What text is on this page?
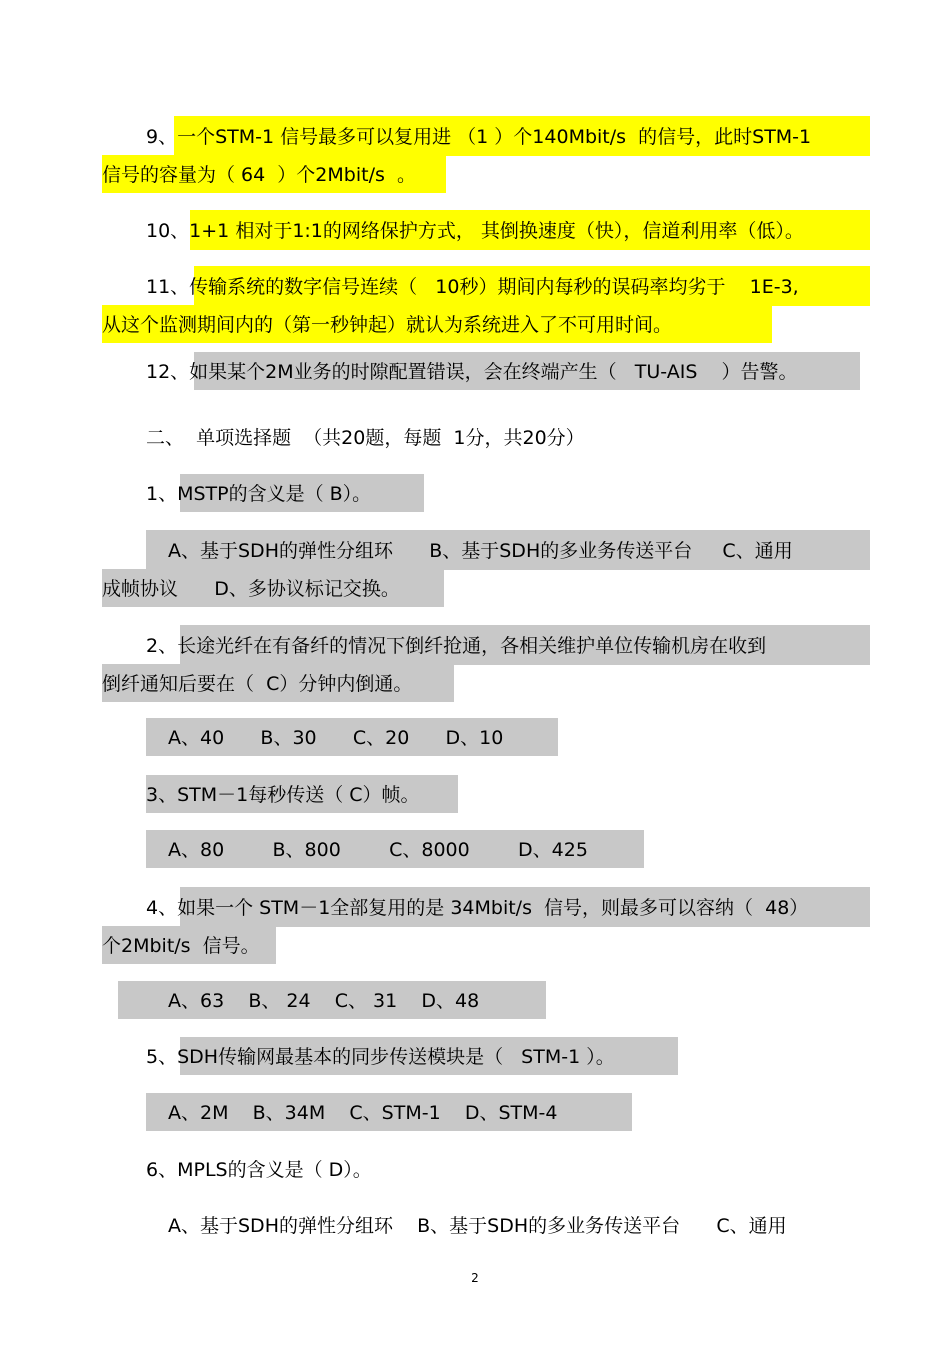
9、一个STM-1 信号最多可以复用进 （1 ）个140Mbit/s  的信号，此时STM-1
信号的容量为（ 64  ）个2Mbit/s  。
10、1+1 相对于1:1的网络保护方式， 其倒换速度（快），信道利用率（低）。
11、传输系统的数字信号连续（   10秒）期间内每秒的误码率均劣于    1E-3,
从这个监测期间内的（第一秒钟起）就认为系统进入了不可用时间。
12、如果某个2M业务的时隙配置错误，会在终端产生（   TU-AIS    ）告警。
二、  单项选择题  （共20题，每题  1分，共20分）
1、MSTP的含义是（ B）。
A、基于SDH的弹性分组环      B、基于SDH的多业务传送平台     C、通用
成帧协议      D、多协议标记交换。
2、长途光纤在有备纤的情况下倒纤抢通，各相关维护单位传输机房在收到
倒纤通知后要在（  C）分钟内倒通。
A、40      B、30      C、20      D、10
3、STM－1每秒传送（ C）帧。
A、80        B、800        C、8000        D、425
4、如果一个 STM－1全部复用的是 34Mbit/s  信号，则最多可以容纳（  48）
个2Mbit/s  信号。
A、63    B、 24    C、 31    D、48
5、SDH传输网最基本的同步传送模块是（   STM-1 ）。
A、2M    B、34M    C、STM-1    D、STM-4
6、MPLS的含义是（ D）。
A、基于SDH的弹性分组环    B、基于SDH的多业务传送平台      C、通用
2
